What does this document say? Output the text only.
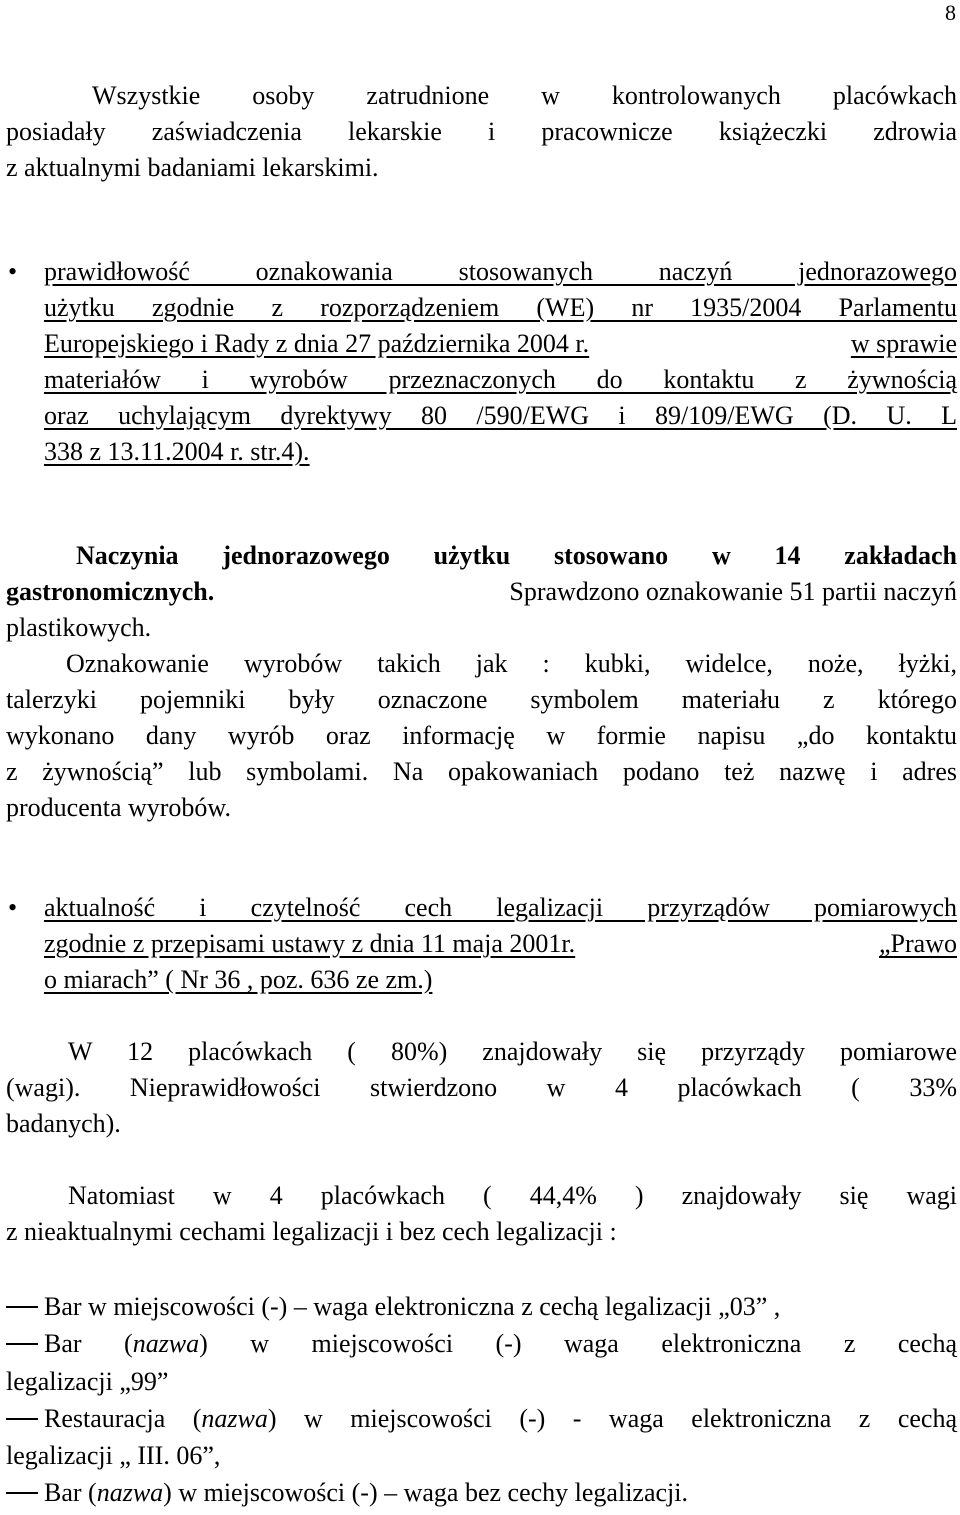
8
Wszystkie osoby zatrudnione w kontrolowanych placówkach
posiadały zaświadczenia lekarskie i pracownicze książeczki zdrowia
z aktualnymi badaniami lekarskimi.
• prawidłowość oznakowania stosowanych naczyń jednorazowego
użytku zgodnie z rozporządzeniem (WE) nr 1935/2004 Parlamentu
Europejskiego i Rady z dnia 27 października 2004 r.	w sprawie
materiałów i wyrobów przeznaczonych do kontaktu z żywnością
oraz uchylającym dyrektywy 80 /590/EWG i 89/109/EWG (D. U. L
338 z 13.11.2004 r. str.4).
Naczynia jednorazowego użytku stosowano w 14 zakładach
gastronomicznych.	Sprawdzono oznakowanie 51 partii naczyń
plastikowych.
Oznakowanie wyrobów takich jak : kubki, widelce, noże, łyżki,
talerzyki pojemniki były oznaczone symbolem materiału z którego
wykonano dany wyrób oraz informację w formie napisu „do kontaktu
z żywnością” lub symbolami. Na opakowaniach podano też nazwę i adres
producenta wyrobów.
• aktualność i czytelność cech legalizacji przyrządów pomiarowych
zgodnie z przepisami ustawy z dnia 11 maja 2001r.	„Prawo
o miarach” ( Nr 36 , poz. 636 ze zm.)
W 12 placówkach ( 80%) znajdowały się przyrządy pomiarowe
(wagi). Nieprawidłowości stwierdzono w 4 placówkach ( 33%
badanych).
Natomiast w 4 placówkach ( 44,4% ) znajdowały się wagi
z nieaktualnymi cechami legalizacji i bez cech legalizacji :
Bar w miejscowości (-) – waga elektroniczna z cechą legalizacji „03” ,
Bar (nazwa) w miejscowości (-) waga elektroniczna z cechą
legalizacji „99”
Restauracja (nazwa) w miejscowości (-) - waga elektroniczna z cechą
legalizacji „ III. 06”,
Bar (nazwa) w miejscowości (-) – waga bez cechy legalizacji.
